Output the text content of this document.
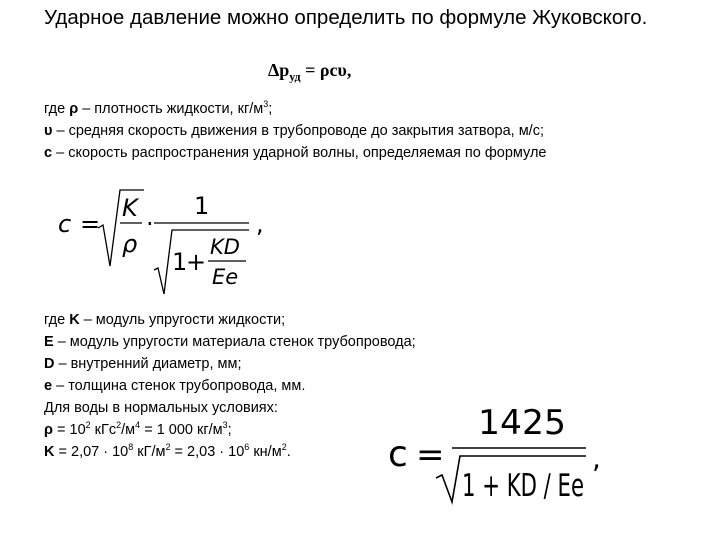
Ударное давление можно определить по формуле Жуковского.
$\Delta p_{уд} = \rho c\upsilon$,
где ρ – плотность жидкости, $кг/м^3$;
υ – средняя скорость движения в трубопроводе до закрытия затвора, м/с;
c – скорость распространения ударной волны, определяемая по формуле
c =
K
ρ
·
1
1
+
KD
Ee
,
где K – модуль упругости жидкости;
E – модуль упругости материала стенок трубопровода;
D – внутренний диаметр, мм;
e – толщина стенок трубопровода, мм.
Для воды в нормальных условиях:
$\rho = 10^2$ $кГс^2/м^4 = 1$ 000 $кг/м^3$;
$K = 2,07 \cdot 10^8$ $кГ/м^2 = 2,03 \cdot 10^6$ $кн/м^2$.	c =
1425
1 + KD / Ee
,
